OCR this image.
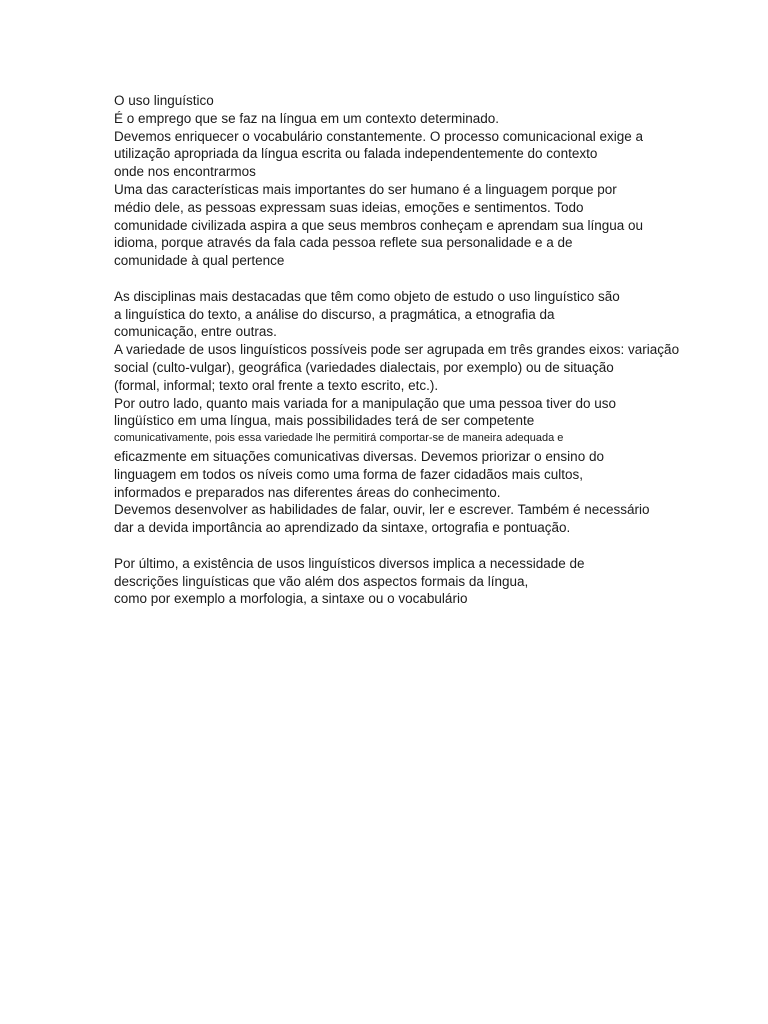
O uso linguístico
É o emprego que se faz na língua em um contexto determinado.
Devemos enriquecer o vocabulário constantemente. O processo comunicacional exige a
utilização apropriada da língua escrita ou falada independentemente do contexto
onde nos encontrarmos
Uma das características mais importantes do ser humano é a linguagem porque por
médio dele, as pessoas expressam suas ideias, emoções e sentimentos. Todo
comunidade civilizada aspira a que seus membros conheçam e aprendam sua língua ou
idioma, porque através da fala cada pessoa reflete sua personalidade e a de
comunidade à qual pertence
As disciplinas mais destacadas que têm como objeto de estudo o uso linguístico são
a linguística do texto, a análise do discurso, a pragmática, a etnografia da
comunicação, entre outras.
A variedade de usos linguísticos possíveis pode ser agrupada em três grandes eixos: variação
social (culto-vulgar), geográfica (variedades dialectais, por exemplo) ou de situação
(formal, informal; texto oral frente a texto escrito, etc.).
Por outro lado, quanto mais variada for a manipulação que uma pessoa tiver do uso
lingüístico em uma língua, mais possibilidades terá de ser competente
comunicativamente, pois essa variedade lhe permitirá comportar-se de maneira adequada e
eficazmente em situações comunicativas diversas. Devemos priorizar o ensino do
linguagem em todos os níveis como uma forma de fazer cidadãos mais cultos,
informados e preparados nas diferentes áreas do conhecimento.
Devemos desenvolver as habilidades de falar, ouvir, ler e escrever. Também é necessário
dar a devida importância ao aprendizado da sintaxe, ortografia e pontuação.
Por último, a existência de usos linguísticos diversos implica a necessidade de
descrições linguísticas que vão além dos aspectos formais da língua,
como por exemplo a morfologia, a sintaxe ou o vocabulário
